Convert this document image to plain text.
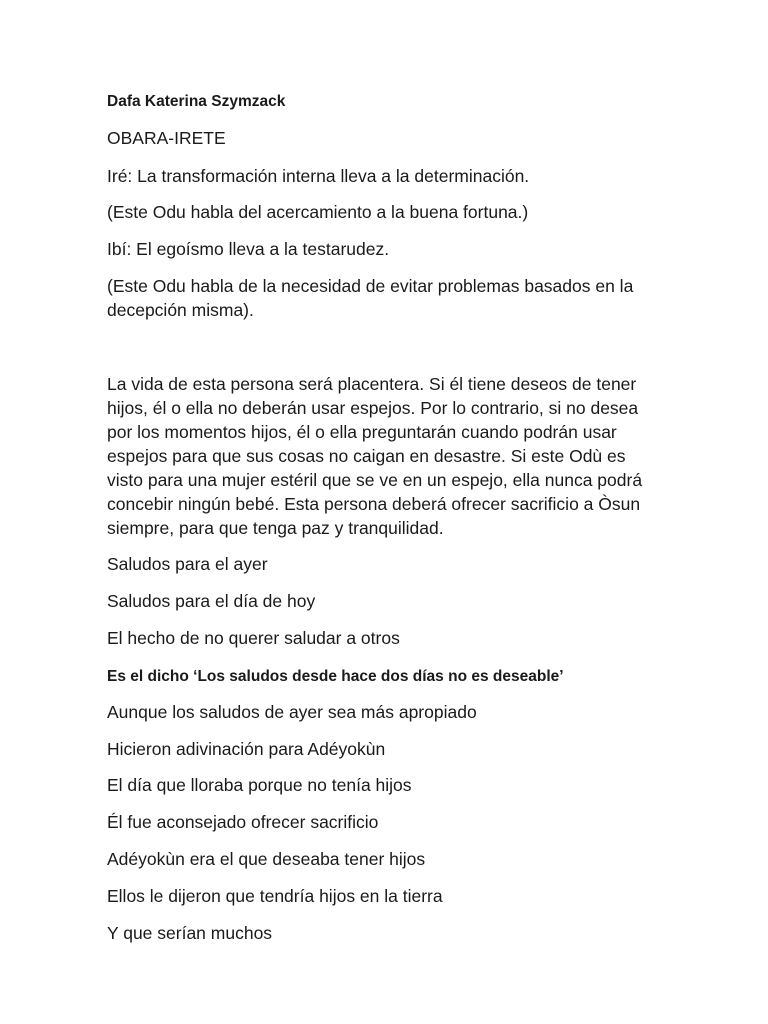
Dafa Katerina Szymzack
OBARA-IRETE
Iré: La transformación interna lleva a la determinación.
(Este Odu habla del acercamiento a la buena fortuna.)
Ibí: El egoísmo lleva a la testarudez.
(Este Odu habla de la necesidad de evitar problemas basados en la decepción misma).
La vida de esta persona será placentera. Si él tiene deseos de tener hijos, él o ella no deberán usar espejos. Por lo contrario, si no desea por los momentos hijos, él o ella preguntarán cuando podrán usar espejos para que sus cosas no caigan en desastre. Si este Odù es visto para una mujer estéril que se ve en un espejo, ella nunca podrá concebir ningún bebé. Esta persona deberá ofrecer sacrificio a Òsun siempre, para que tenga paz y tranquilidad.
Saludos para el ayer
Saludos para el día de hoy
El hecho de no querer saludar a otros
Es el dicho ‘Los saludos desde hace dos días no es deseable’
Aunque los saludos de ayer sea más apropiado
Hicieron adivinación para Adéyokùn
El día que lloraba porque no tenía hijos
Él fue aconsejado ofrecer sacrificio
Adéyokùn era el que deseaba tener hijos
Ellos le dijeron que tendría hijos en la tierra
Y que serían muchos
